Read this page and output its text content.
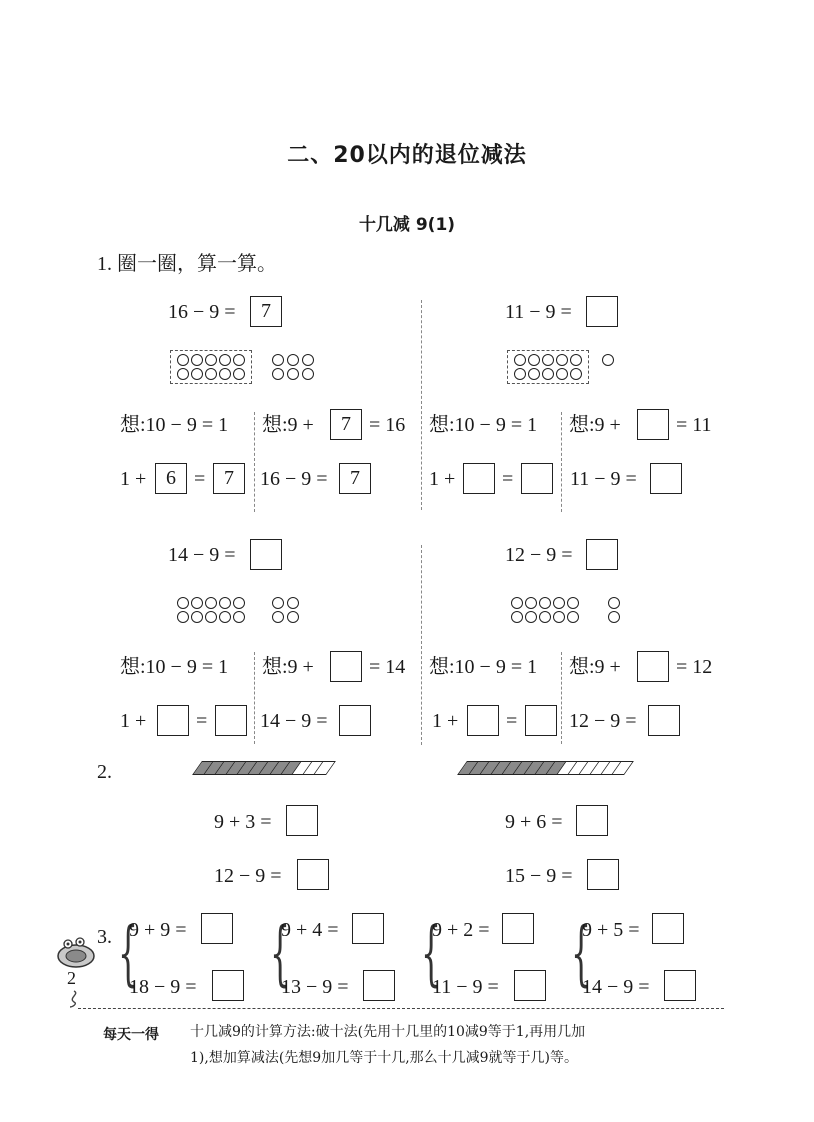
二、20以内的退位减法
十几减 9(1)
1. 圈一圈，算一算。
16 − 9 =	7
想:10 − 9 = 1 想:9 +	7 = 16
1 + 6 = 7	16 − 9 =	7
11 − 9 =
想:10 − 9 = 1 想:9 +	= 11
1 + =	11 − 9 =
14 − 9 =
想:10 − 9 = 1 想:9 +	= 14
1 + =	14 − 9 =
12 − 9 =
想:10 − 9 = 1 想:9 +	= 12
1 + =	12 − 9 =
2.
9 + 3 =
12 − 9 =
9 + 6 =
15 − 9 =
2
3. {
9 + 9 =
18 − 9 = {
9 + 4 =
13 − 9 = {
9 + 2 =
11 − 9 = {
9 + 5 =
14 − 9 =
每天一得 十几减9的计算方法:破十法(先用十几里的10减9等于1,再用几加
1),想加算减法(先想9加几等于十几,那么十几减9就等于几)等。
